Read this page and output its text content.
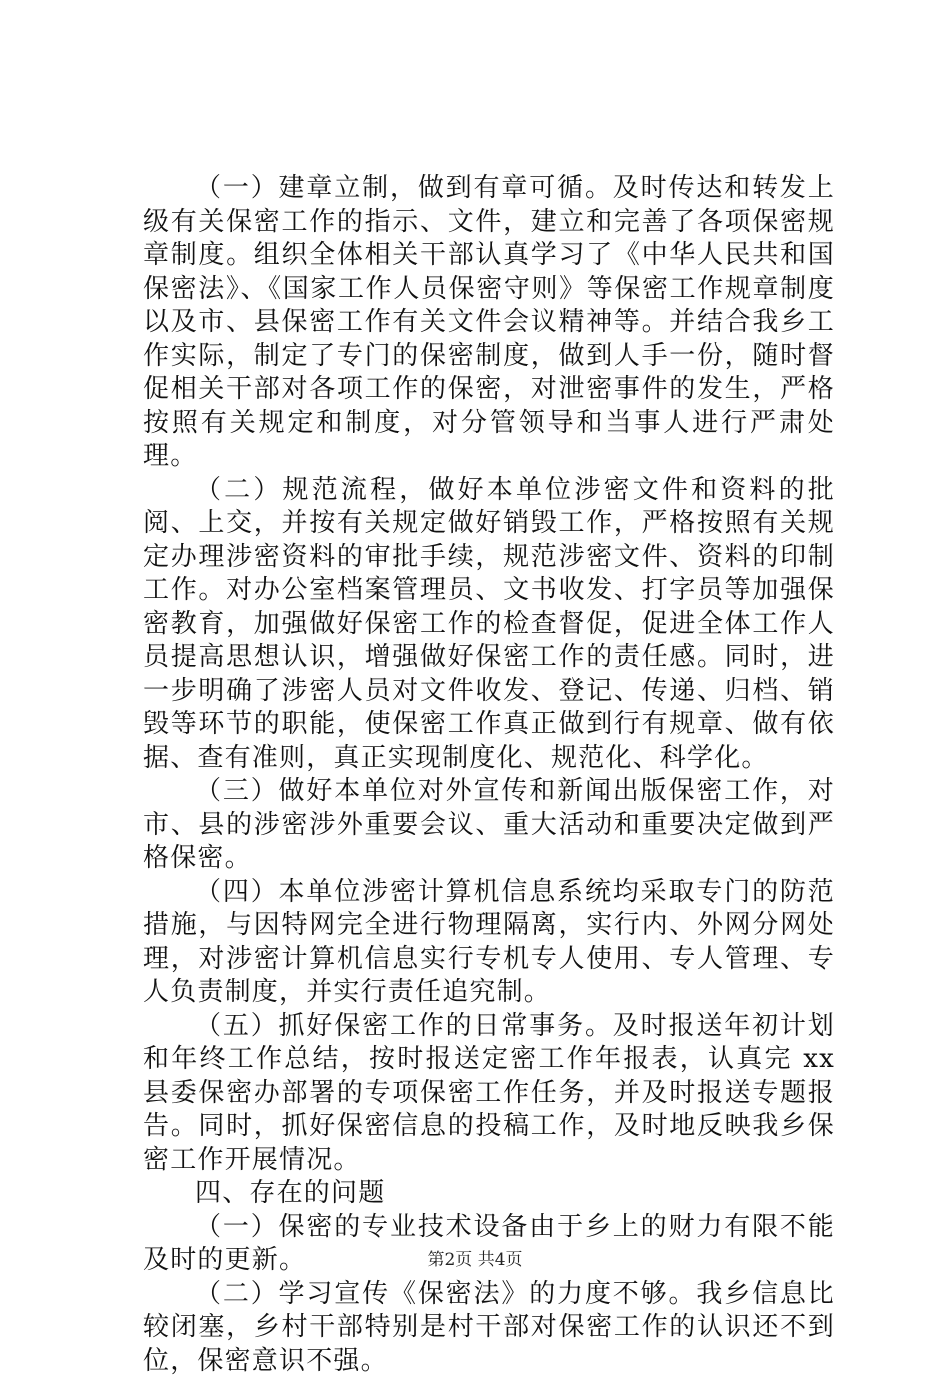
（一）建章立制，做到有章可循。及时传达和转发上级有关保密工作的指示、文件，建立和完善了各项保密规章制度。组织全体相关干部认真学习了《中华人民共和国保密法》、《国家工作人员保密守则》等保密工作规章制度以及市、县保密工作有关文件会议精神等。并结合我乡工作实际，制定了专门的保密制度，做到人手一份，随时督促相关干部对各项工作的保密，对泄密事件的发生，严格按照有关规定和制度，对分管领导和当事人进行严肃处理。

（二）规范流程，做好本单位涉密文件和资料的批阅、上交，并按有关规定做好销毁工作，严格按照有关规定办理涉密资料的审批手续，规范涉密文件、资料的印制工作。对办公室档案管理员、文书收发、打字员等加强保密教育，加强做好保密工作的检查督促，促进全体工作人员提高思想认识，增强做好保密工作的责任感。同时，进一步明确了涉密人员对文件收发、登记、传递、归档、销毁等环节的职能，使保密工作真正做到行有规章、做有依据、查有准则，真正实现制度化、规范化、科学化。

（三）做好本单位对外宣传和新闻出版保密工作，对市、县的涉密涉外重要会议、重大活动和重要决定做到严格保密。

（四）本单位涉密计算机信息系统均采取专门的防范措施，与因特网完全进行物理隔离，实行内、外网分网处理，对涉密计算机信息实行专机专人使用、专人管理、专人负责制度，并实行责任追究制。

（五）抓好保密工作的日常事务。及时报送年初计划和年终工作总结，按时报送定密工作年报表，认真完 xx 县委保密办部署的专项保密工作任务，并及时报送专题报告。同时，抓好保密信息的投稿工作，及时地反映我乡保密工作开展情况。

四、存在的问题

（一）保密的专业技术设备由于乡上的财力有限不能及时的更新。

（二）学习宣传《保密法》的力度不够。我乡信息比较闭塞，乡村干部特别是村干部对保密工作的认识还不到位，保密意识不强。

第2页 共4页
